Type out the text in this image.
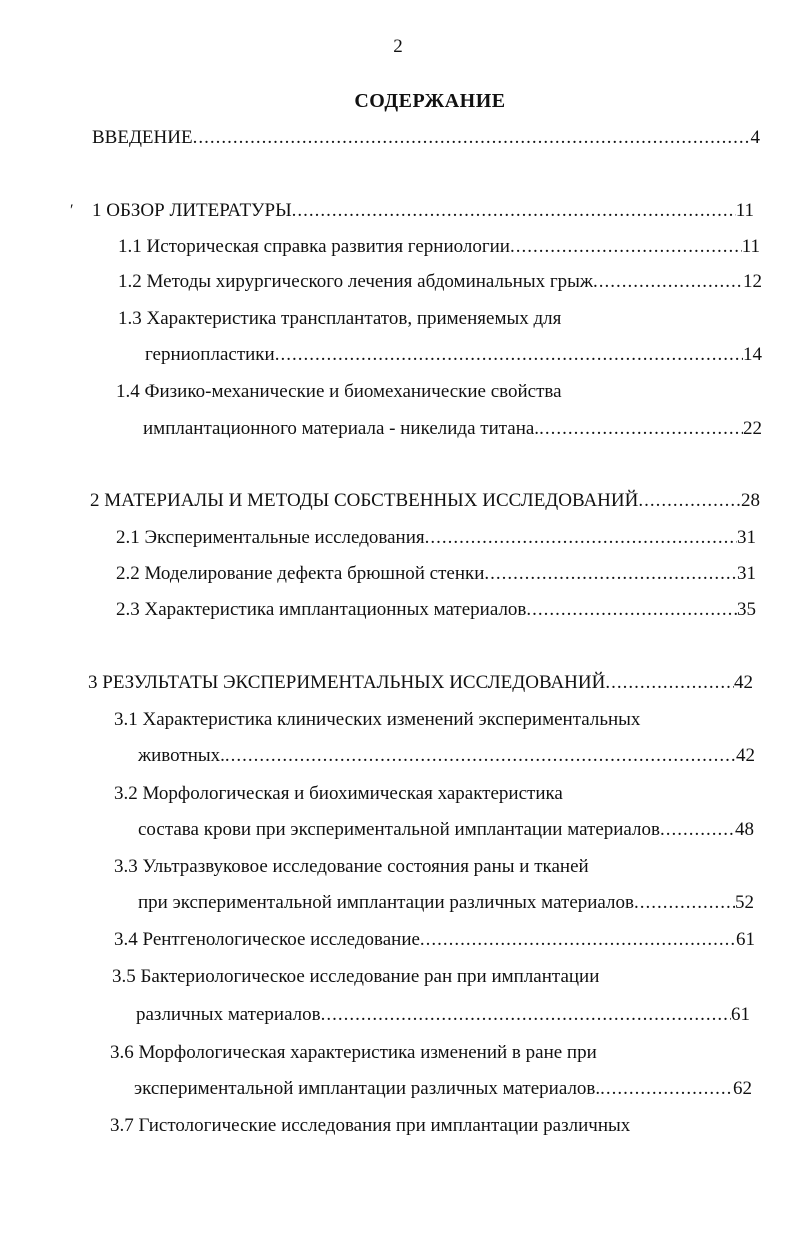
2
СОДЕРЖАНИЕ
′
ВВЕДЕНИЕ .....	4
1 ОБЗОР ЛИТЕРАТУРЫ .....	11
1.1 Историческая справка развития герниологии .....	11
1.2 Методы хирургического лечения абдоминальных грыж .....	12
1.3 Характеристика трансплантатов, применяемых для
герниопластики .....	14
1.4 Физико-механические и биомеханические свойства
имплантационного материала - никелида титана. .....	22
2 МАТЕРИАЛЫ И МЕТОДЫ СОБСТВЕННЫХ ИССЛЕДОВАНИЙ .....	28
2.1 Экспериментальные исследования .....	31
2.2 Моделирование дефекта брюшной стенки .....	31
2.3 Характеристика имплантационных материалов .....	35
3 РЕЗУЛЬТАТЫ ЭКСПЕРИМЕНТАЛЬНЫХ ИССЛЕДОВАНИЙ .....	42
3.1 Характеристика клинических изменений экспериментальных
животных. .....	42
3.2 Морфологическая и биохимическая характеристика
состава крови при экспериментальной имплантации материалов .....	48
3.3 Ультразвуковое исследование состояния раны и тканей
при экспериментальной имплантации различных материалов .....	52
3.4 Рентгенологическое исследование .....	61
3.5 Бактериологическое исследование ран при имплантации
различных материалов .....	61
3.6 Морфологическая характеристика изменений в ране при
экспериментальной имплантации различных материалов. .....	62
3.7 Гистологические исследования при имплантации различных
